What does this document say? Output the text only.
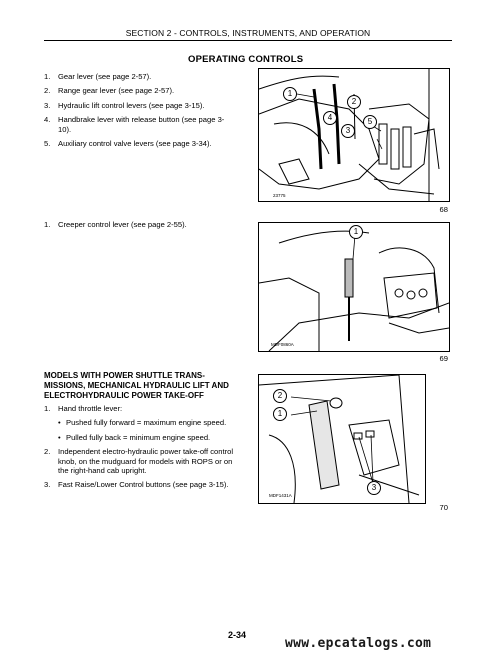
SECTION 2 - CONTROLS, INSTRUMENTS, AND OPERATION
OPERATING CONTROLS
1. Gear lever (see page 2-57).
2. Range gear lever (see page 2-57).
3. Hydraulic lift control levers (see page 3-15).
4. Handbrake lever with release button (see page 3-10).
5. Auxiliary control valve levers (see page 3-34).
1
2
3
4	5
23775
68
1. Creeper control lever (see page 2-55).
1
MDF0860A
69
MODELS WITH POWER SHUTTLE TRANS-MISSIONS, MECHANICAL HYDRAULIC LIFT AND ELECTROHYDRAULIC POWER TAKE-OFF
1. Hand throttle lever:
• Pushed fully forward = maximum engine speed.
• Pulled fully back = minimum engine speed.
2. Independent electro-hydraulic power take-off control knob, on the mudguard for models with ROPS or on the right-hand cab upright.
3. Fast Raise/Lower Control buttons (see page 3-15).
2
1
3
MDF1431A
70
2-34
www.epcatalogs.com
